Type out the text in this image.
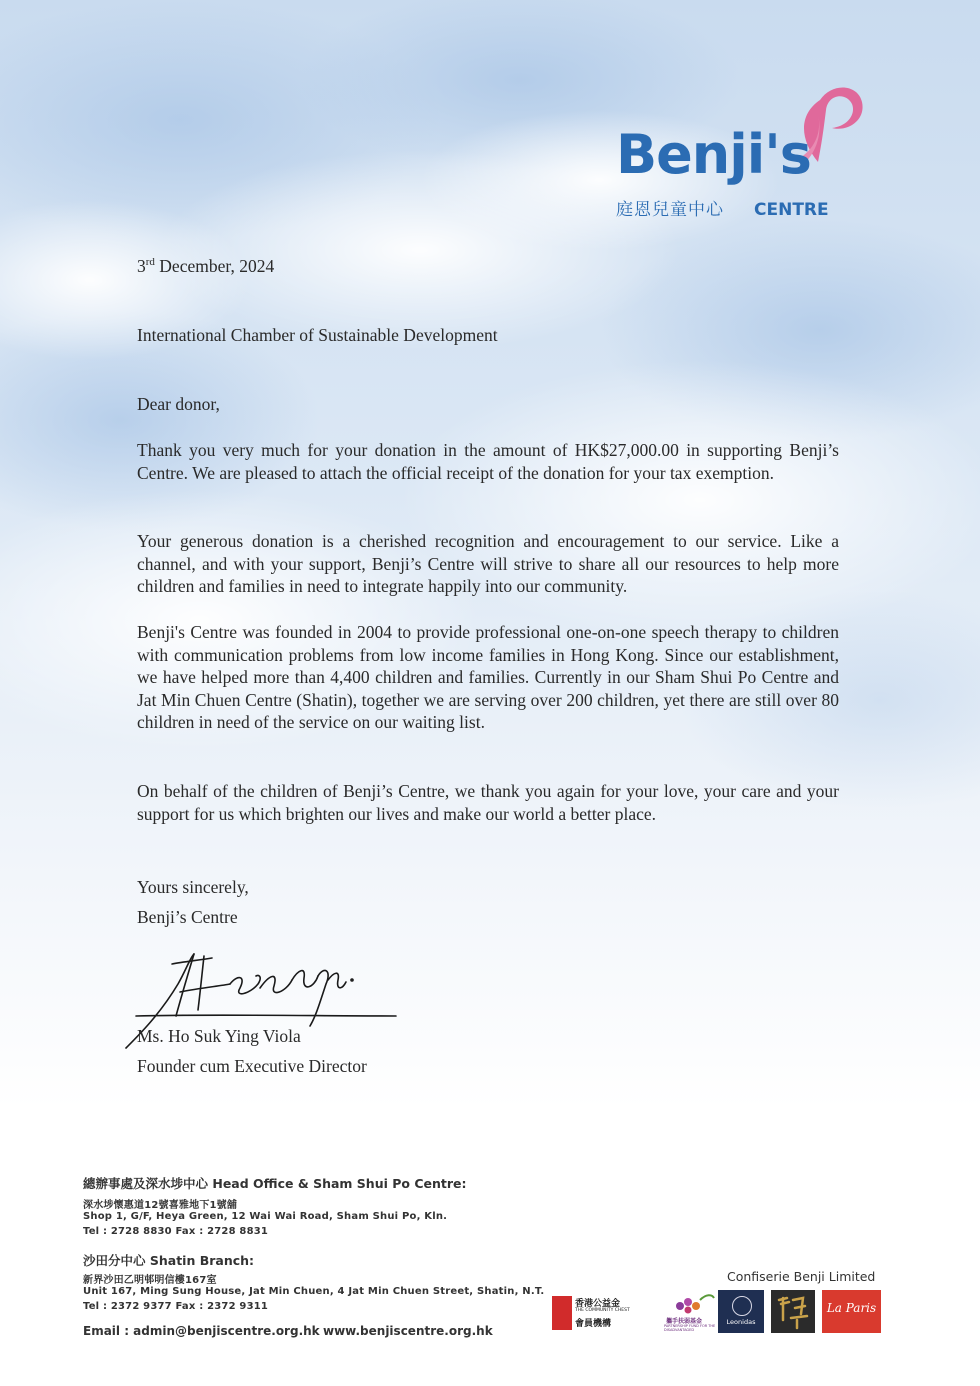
Benji's
庭恩兒童中心 CENTRE
3rd December, 2024
International Chamber of Sustainable Development
Dear donor,

Thank you very much for your donation in the amount of HK$27,000.00 in supporting Benji’s Centre. We are pleased to attach the official receipt of the donation for your tax exemption.

Your generous donation is a cherished recognition and encouragement to our service. Like a channel, and with your support, Benji’s Centre will strive to share all our resources to help more children and families in need to integrate happily into our community.

Benji's Centre was founded in 2004 to provide professional one-on-one speech therapy to children with communication problems from low income families in Hong Kong. Since our establishment, we have helped more than 4,400 children and families. Currently in our Sham Shui Po Centre and Jat Min Chuen Centre (Shatin), together we are serving over 200 children, yet there are still over 80 children in need of the service on our waiting list.

On behalf of the children of Benji’s Centre, we thank you again for your love, your care and your support for us which brighten our lives and make our world a better place.

Yours sincerely,
Benji’s Centre
Ms. Ho Suk Ying Viola
Founder cum Executive Director
總辦事處及深水埗中心 Head Office & Sham Shui Po Centre:
深水埗懷惠道12號喜雅地下1號舖
Shop 1, G/F, Heya Green, 12 Wai Wai Road, Sham Shui Po, Kln.
Tel : 2728 8830 Fax : 2728 8831
沙田分中心 Shatin Branch:
新界沙田乙明邨明信樓167室
Unit 167, Ming Sung House, Jat Min Chuen, 4 Jat Min Chuen Street, Shatin, N.T.
Tel : 2372 9377 Fax : 2372 9311
Email : admin@benjiscentre.org.hk www.benjiscentre.org.hk
Confiserie Benji Limited
香港公益金
THE COMMUNITY CHEST
會員機構	攜手扶弱基金
PARTNERSHIP FUND FOR THE DISADVANTAGED
Leonidas
La Paris
